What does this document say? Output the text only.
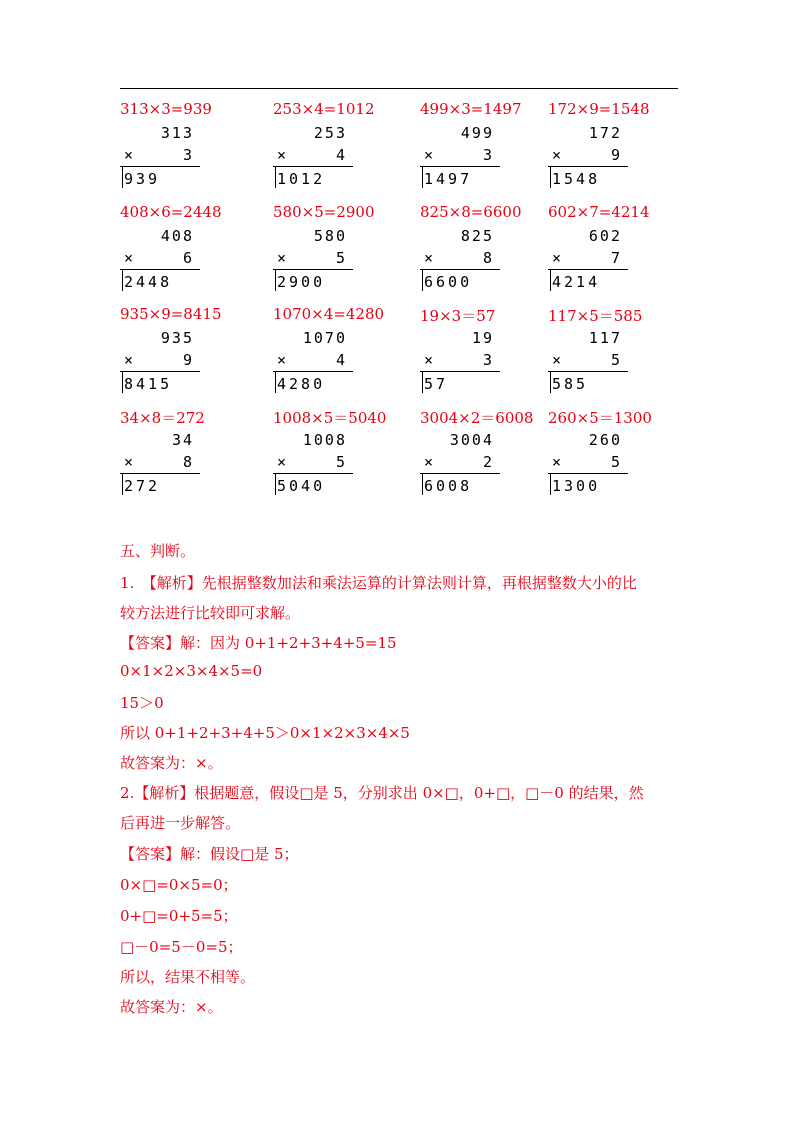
313×3=939
313
×	3
939
253×4=1012
253
×	4
1012
499×3=1497
499
×	3
1497
172×9=1548
172
×	9
1548
408×6=2448
408
×	6
2448
580×5=2900
580
×	5
2900
825×8=6600
825
×	8
6600
602×7=4214
602
×	7
4214
935×9=8415
935
×	9
8415
1070×4=4280
1070
×	4
4280
19×3＝57
19
×	3
57
117×5＝585
117
×	5
585
34×8＝272
34
×	8
272
1008×5＝5040
1008
×	5
5040
3004×2＝6008
3004
×	2
6008
260×5＝1300
260
×	5
1300
五、判断。
1.　【解析】先根据整数加法和乘法运算的计算法则计算，再根据整数大小的比
较方法进行比较即可求解。
【答案】解：因为 0+1+2+3+4+5=15
0×1×2×3×4×5=0
15＞0
所以 0+1+2+3+4+5＞0×1×2×3×4×5
故答案为：×。
2.【解析】根据题意，假设□是 5，分别求出 0×□，0+□，□－0 的结果，然
后再进一步解答。
【答案】解：假设□是 5；
0×□=0×5=0；
0+□=0+5=5；
□－0=5－0=5；
所以，结果不相等。
故答案为：×。
